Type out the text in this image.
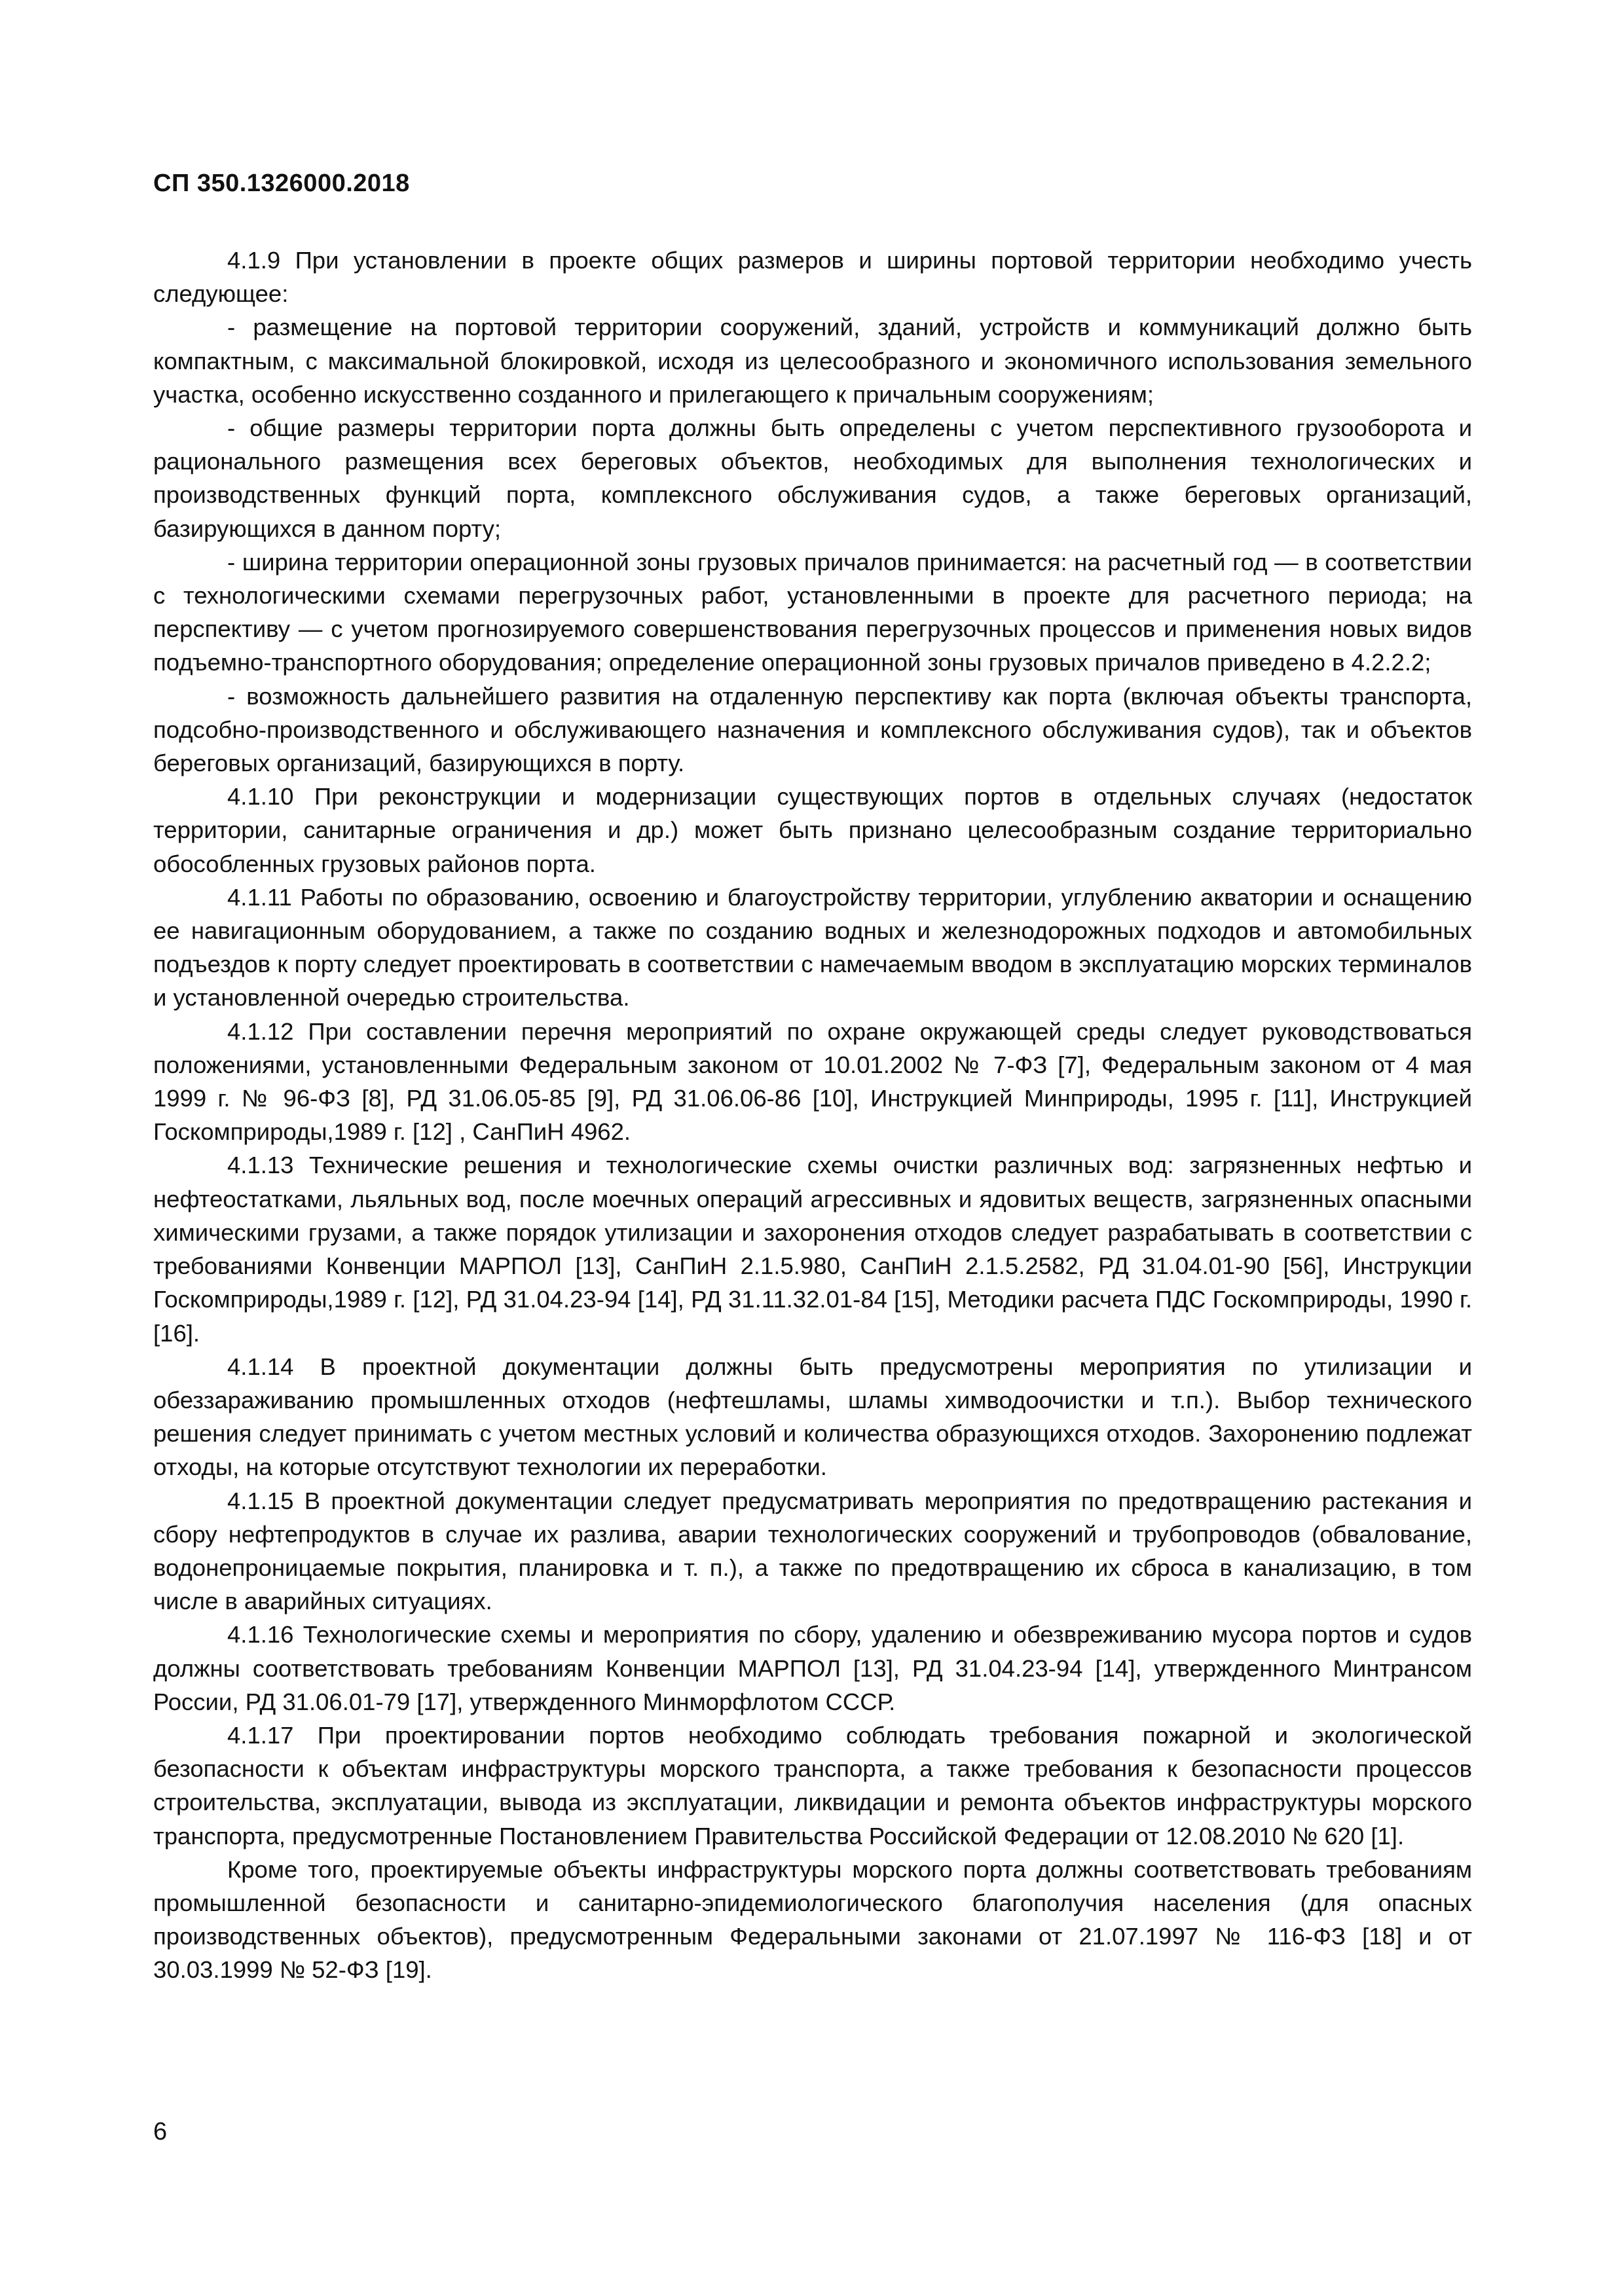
СП 350.1326000.2018

4.1.9 При установлении в проекте общих размеров и ширины портовой территории необходимо учесть следующее:

- размещение на портовой территории сооружений, зданий, устройств и коммуникаций должно быть компактным, с максимальной блокировкой, исходя из целесообразного и экономичного использования земельного участка, особенно искусственно созданного и прилегающего к причальным сооружениям;

- общие размеры территории порта должны быть определены с учетом перспективного грузооборота и рационального размещения всех береговых объектов, необходимых для выполнения технологических и производственных функций порта, комплексного обслуживания судов, а также береговых организаций, базирующихся в данном порту;

- ширина территории операционной зоны грузовых причалов принимается: на расчетный год — в соответствии с технологическими схемами перегрузочных работ, установленными в проекте для расчетного периода; на перспективу — с учетом прогнозируемого совершенствования перегрузочных процессов и применения новых видов подъемно-транспортного оборудования; определение операционной зоны грузовых причалов приведено в 4.2.2.2;

- возможность дальнейшего развития на отдаленную перспективу как порта (включая объекты транспорта, подсобно-производственного и обслуживающего назначения и комплексного обслуживания судов), так и объектов береговых организаций, базирующихся в порту.

4.1.10 При реконструкции и модернизации существующих портов в отдельных случаях (недостаток территории, санитарные ограничения и др.) может быть признано целесообразным создание территориально обособленных грузовых районов порта.

4.1.11 Работы по образованию, освоению и благоустройству территории, углублению акватории и оснащению ее навигационным оборудованием, а также по созданию водных и железнодорожных подходов и автомобильных подъездов к порту следует проектировать в соответствии с намечаемым вводом в эксплуатацию морских терминалов и установленной очередью строительства.

4.1.12 При составлении перечня мероприятий по охране окружающей среды следует руководствоваться положениями, установленными Федеральным законом от 10.01.2002 № 7-ФЗ [7], Федеральным законом от 4 мая 1999 г. № 96-ФЗ [8], РД 31.06.05-85 [9], РД 31.06.06-86 [10], Инструкцией Минприроды, 1995 г. [11], Инструкцией Госкомприроды,1989 г. [12] , СанПиН 4962.

4.1.13 Технические решения и технологические схемы очистки различных вод: загрязненных нефтью и нефтеостатками, льяльных вод, после моечных операций агрессивных и ядовитых веществ, загрязненных опасными химическими грузами, а также порядок утилизации и захоронения отходов следует разрабатывать в соответствии с требованиями Конвенции МАРПОЛ [13], СанПиН 2.1.5.980, СанПиН 2.1.5.2582, РД 31.04.01-90 [56], Инструкции Госкомприроды,1989 г. [12], РД 31.04.23-94 [14], РД 31.11.32.01-84 [15], Методики расчета ПДС Госкомприроды, 1990 г. [16].

4.1.14 В проектной документации должны быть предусмотрены мероприятия по утилизации и обеззараживанию промышленных отходов (нефтешламы, шламы химводоочистки и т.п.). Выбор технического решения следует принимать с учетом местных условий и количества образующихся отходов. Захоронению подлежат отходы, на которые отсутствуют технологии их переработки.

4.1.15 В проектной документации следует предусматривать мероприятия по предотвращению растекания и сбору нефтепродуктов в случае их разлива, аварии технологических сооружений и трубопроводов (обвалование, водонепроницаемые покрытия, планировка и т. п.), а также по предотвращению их сброса в канализацию, в том числе в аварийных ситуациях.

4.1.16 Технологические схемы и мероприятия по сбору, удалению и обезвреживанию мусора портов и судов должны соответствовать требованиям Конвенции МАРПОЛ [13], РД 31.04.23-94 [14], утвержденного Минтрансом России, РД 31.06.01-79 [17], утвержденного Минморфлотом СССР.

4.1.17 При проектировании портов необходимо соблюдать требования пожарной и экологической безопасности к объектам инфраструктуры морского транспорта, а также требования к безопасности процессов строительства, эксплуатации, вывода из эксплуатации, ликвидации и ремонта объектов инфраструктуры морского транспорта, предусмотренные Постановлением Правительства Российской Федерации от 12.08.2010 № 620 [1].

Кроме того, проектируемые объекты инфраструктуры морского порта должны соответствовать требованиям промышленной безопасности и санитарно-эпидемиологического благополучия населения (для опасных производственных объектов), предусмотренным Федеральными законами от 21.07.1997 № 116-ФЗ [18] и от 30.03.1999 № 52-ФЗ [19].

6
